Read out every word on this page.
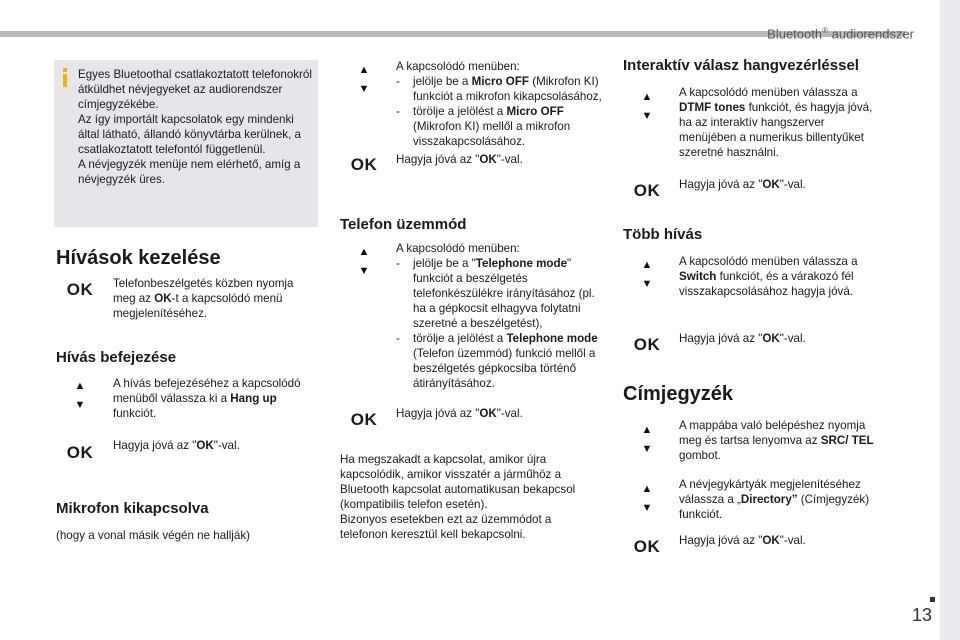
Bluetooth® audiorendszer
13
Egyes Bluetoothal csatlakoztatott telefonokról átküldhet névjegyeket az audiorendszer címjegyzékébe.
Az így importált kapcsolatok egy mindenki által látható, állandó könyvtárba kerülnek, a csatlakoztatott telefontól függetlenül.
A névjegyzék menüje nem elérhető, amíg a névjegyzék üres.
Hívások kezelése
OK	Telefonbeszélgetés közben nyomja meg az OK-t a kapcsolódó menü megjelenítéséhez.
Hívás befejezése
▲
▼
A hívás befejezéséhez a kapcsolódó menüből válassza ki a Hang up funkciót.
OK	Hagyja jóvá az "OK"-val.
Mikrofon kikapcsolva
(hogy a vonal másik végén ne hallják)
▲
▼
A kapcsolódó menüben:
- jelölje be a Micro OFF (Mikrofon KI) funkciót a mikrofon kikapcsolásához,
- törölje a jelölést a Micro OFF (Mikrofon KI) mellől a mikrofon visszakapcsolásához.
OK	Hagyja jóvá az "OK"-val.
Telefon üzemmód
▲
▼
A kapcsolódó menüben:
- jelölje be a "Telephone mode" funkciót a beszélgetés telefonkészülékre irányításához (pl. ha a gépkocsit elhagyva folytatni szeretné a beszélgetést),
- törölje a jelölést a Telephone mode (Telefon üzemmód) funkció mellől a beszélgetés gépkocsiba történő átirányításához.
OK	Hagyja jóvá az "OK"-val.
Ha megszakadt a kapcsolat, amikor újra kapcsolódik, amikor visszatér a járműhöz a Bluetooth kapcsolat automatikusan bekapcsol (kompatibilis telefon esetén).
Bizonyos esetekben ezt az üzemmódot a telefonon keresztül kell bekapcsolni.
Interaktív válasz hangvezérléssel
▲
▼
A kapcsolódó menüben válassza a DTMF tones funkciót, és hagyja jóvá, ha az interaktív hangszerver menüjében a numerikus billentyűket szeretné használni.
OK	Hagyja jóvá az "OK"-val.
Több hívás
▲
▼
A kapcsolódó menüben válassza a Switch funkciót, és a várakozó fél visszakapcsolásához hagyja jóvá.
OK	Hagyja jóvá az "OK"-val.
Címjegyzék
▲
▼
A mappába való belépéshez nyomja meg és tartsa lenyomva az SRC/ TEL gombot.
▲
▼
A névjegykártyák megjelenítéséhez válassza a „Directory” (Címjegyzék) funkciót.
OK	Hagyja jóvá az "OK"-val.
